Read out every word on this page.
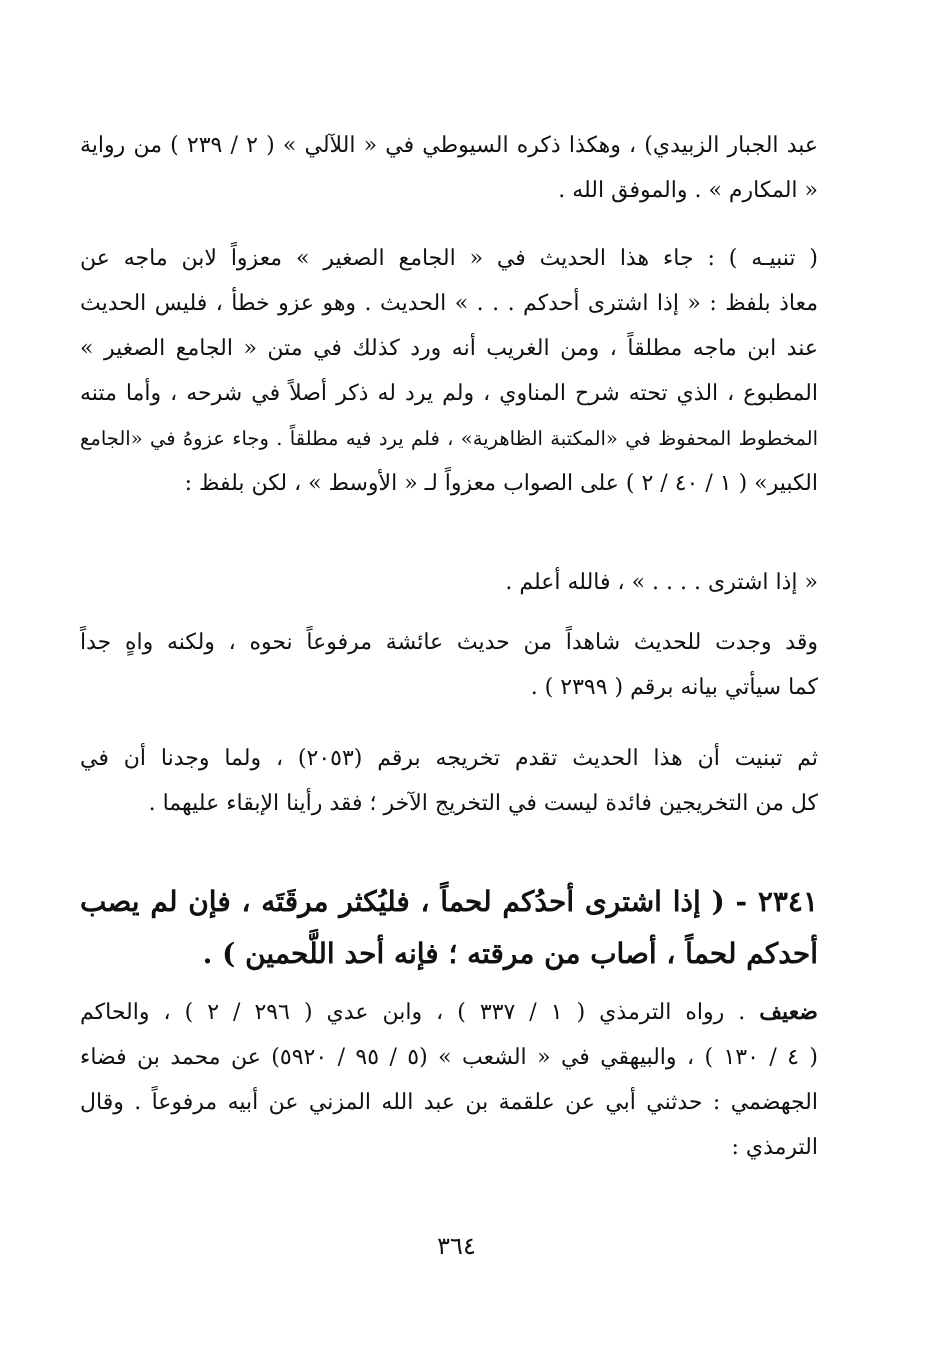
عبد الجبار الزبيدي) ، وهكذا ذكره السيوطي في « اللآلي » ( ٢ / ٢٣٩ ) من رواية
« المكارم » . والموفق الله .
( تنبيـه ) : جاء هذا الحديث في « الجامع الصغير » معزواً لابن ماجه عن
معاذ بلفظ : « إذا اشترى أحدكم . . . » الحديث . وهو عزو خطأ ، فليس الحديث
عند ابن ماجه مطلقاً ، ومن الغريب أنه ورد كذلك في متن « الجامع الصغير »
المطبوع ، الذي تحته شرح المناوي ، ولم يرد له ذكر أصلاً في شرحه ، وأما متنه
المخطوط المحفوظ في «المكتبة الظاهرية» ، فلم يرد فيه مطلقاً . وجاء عزوهُ في «الجامع
الكبير» ( ١ / ٤٠ / ٢ ) على الصواب معزواً لـ « الأوسط » ، لكن بلفظ :
« إذا اشترى . . . . » ، فالله أعلم .
وقد وجدت للحديث شاهداً من حديث عائشة مرفوعاً نحوه ، ولكنه واهٍ جداً
كما سيأتي بيانه برقم ( ٢٣٩٩ ) .
ثم تبنيت أن هذا الحديث تقدم تخريجه برقم (٢٠٥٣) ، ولما وجدنا أن في
كل من التخريجين فائدة ليست في التخريج الآخر ؛ فقد رأينا الإبقاء عليهما .
٢٣٤١ - ( إذا اشترى أحدُكم لحماً ، فليُكثر مرقَتَه ، فإن لم يصب
أحدكم لحماً ، أصاب من مرقته ؛ فإنه أحد اللَّحمين ) .
ضعيف . رواه الترمذي ( ١ / ٣٣٧ ) ، وابن عدي ( ٢٩٦ / ٢ ) ، والحاكم
( ٤ / ١٣٠ ) ، والبيهقي في « الشعب » (٥ / ٩٥ / ٥٩٢٠) عن محمد بن فضاء
الجهضمي : حدثني أبي عن علقمة بن عبد الله المزني عن أبيه مرفوعاً . وقال
الترمذي :
٣٦٤
